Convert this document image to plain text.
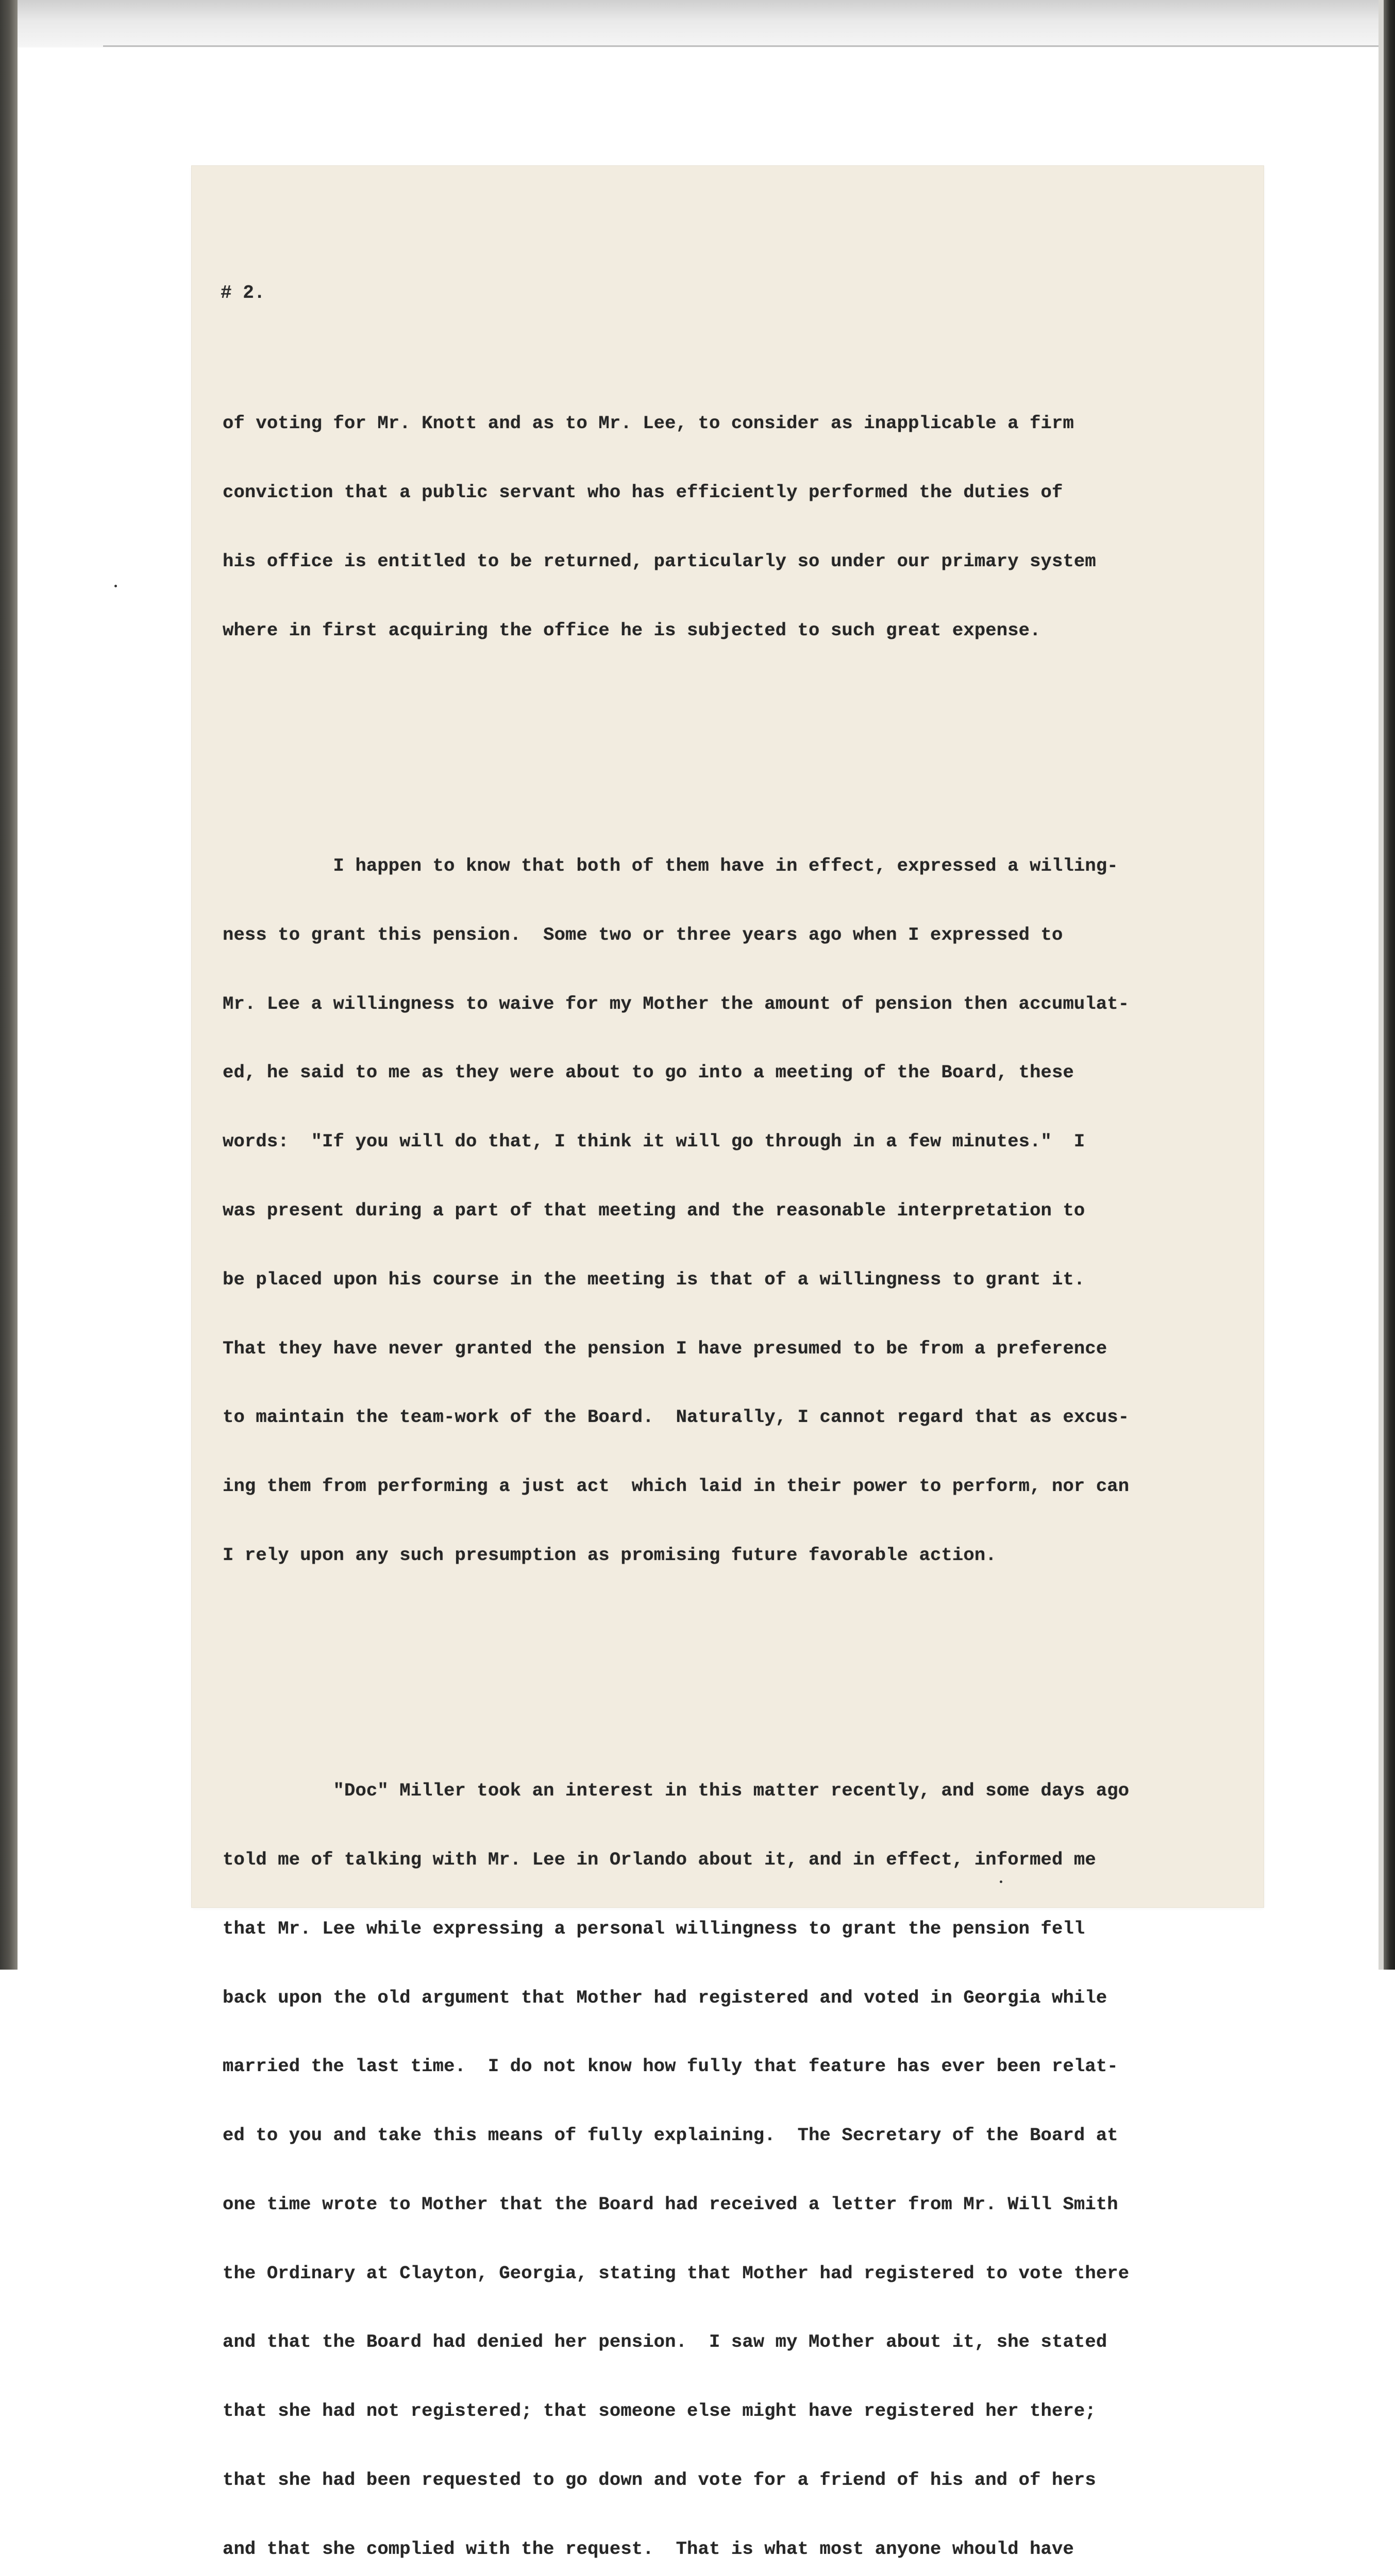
# 2.

of voting for Mr. Knott and as to Mr. Lee, to consider as inapplicable a firm

conviction that a public servant who has efficiently performed the duties of

his office is entitled to be returned, particularly so under our primary system

where in first acquiring the office he is subjected to such great expense.

I happen to know that both of them have in effect, expressed a willing-

ness to grant this pension.  Some two or three years ago when I expressed to

Mr. Lee a willingness to waive for my Mother the amount of pension then accumulat-

ed, he said to me as they were about to go into a meeting of the Board, these

words:  "If you will do that, I think it will go through in a few minutes."  I

was present during a part of that meeting and the reasonable interpretation to

be placed upon his course in the meeting is that of a willingness to grant it.

That they have never granted the pension I have presumed to be from a preference

to maintain the team-work of the Board.  Naturally, I cannot regard that as excus-

ing them from performing a just act  which laid in their power to perform, nor can

I rely upon any such presumption as promising future favorable action.

"Doc" Miller took an interest in this matter recently, and some days ago

told me of talking with Mr. Lee in Orlando about it, and in effect, informed me

that Mr. Lee while expressing a personal willingness to grant the pension fell

back upon the old argument that Mother had registered and voted in Georgia while

married the last time.  I do not know how fully that feature has ever been relat-

ed to you and take this means of fully explaining.  The Secretary of the Board at

one time wrote to Mother that the Board had received a letter from Mr. Will Smith

the Ordinary at Clayton, Georgia, stating that Mother had registered to vote there

and that the Board had denied her pension.  I saw my Mother about it, she stated

that she had not registered; that someone else might have registered her there;

that she had been requested to go down and vote for a friend of his and of hers

and that she complied with the request.  That is what most anyone whould have
